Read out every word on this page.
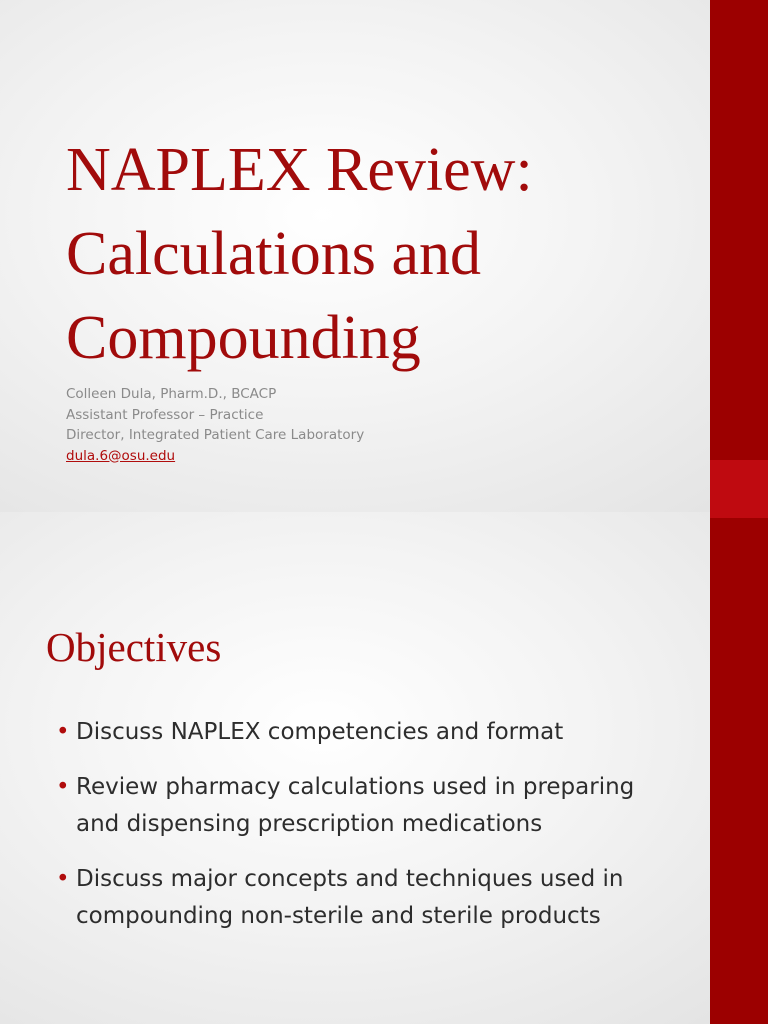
NAPLEX Review:
Calculations and
Compounding
Colleen Dula, Pharm.D., BCACP
Assistant Professor – Practice
Director, Integrated Patient Care Laboratory
dula.6@osu.edu
Objectives
• Discuss NAPLEX competencies and format
• Review pharmacy calculations used in preparing
and dispensing prescription medications
• Discuss major concepts and techniques used in
compounding non-sterile and sterile products
